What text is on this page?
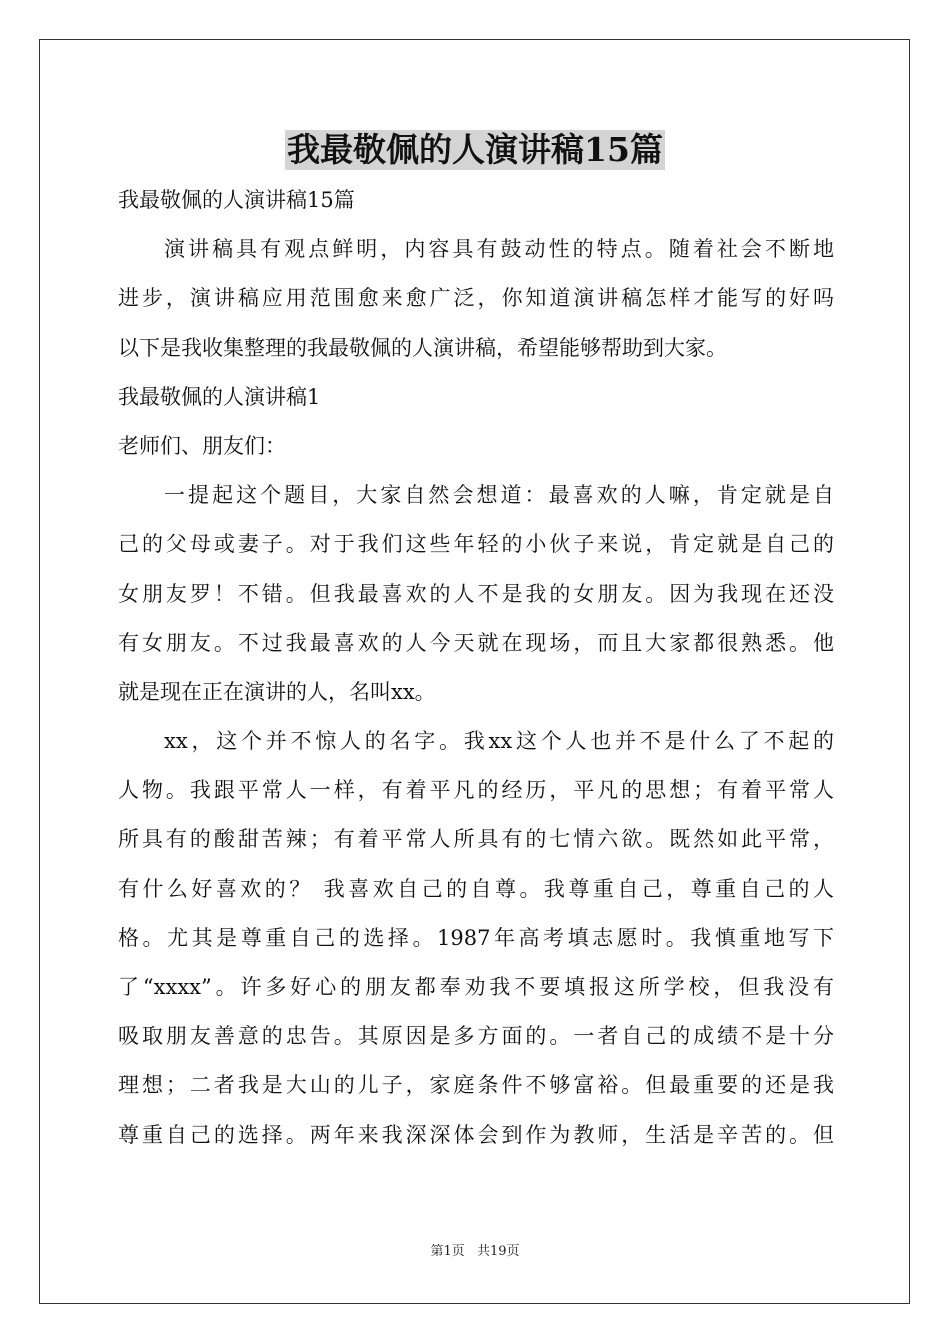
我最敬佩的人演讲稿15篇
我最敬佩的人演讲稿15篇
演讲稿具有观点鲜明，内容具有鼓动性的特点。随着社会不断地
进步，演讲稿应用范围愈来愈广泛，你知道演讲稿怎样才能写的好吗
以下是我收集整理的我最敬佩的人演讲稿，希望能够帮助到大家。
我最敬佩的人演讲稿1
老师们、朋友们：
一提起这个题目，大家自然会想道：最喜欢的人嘛，肯定就是自
己的父母或妻子。对于我们这些年轻的小伙子来说，肯定就是自己的
女朋友罗！不错。但我最喜欢的人不是我的女朋友。因为我现在还没
有女朋友。不过我最喜欢的人今天就在现场，而且大家都很熟悉。他
就是现在正在演讲的人，名叫xx。
xx，这个并不惊人的名字。我xx这个人也并不是什么了不起的
人物。我跟平常人一样，有着平凡的经历，平凡的思想；有着平常人
所具有的酸甜苦辣；有着平常人所具有的七情六欲。既然如此平常，
有什么好喜欢的？ 我喜欢自己的自尊。我尊重自己，尊重自己的人
格。尤其是尊重自己的选择。1987年高考填志愿时。我慎重地写下
了“xxxx”。许多好心的朋友都奉劝我不要填报这所学校，但我没有
吸取朋友善意的忠告。其原因是多方面的。一者自己的成绩不是十分
理想；二者我是大山的儿子，家庭条件不够富裕。但最重要的还是我
尊重自己的选择。两年来我深深体会到作为教师，生活是辛苦的。但
第1页 共19页
